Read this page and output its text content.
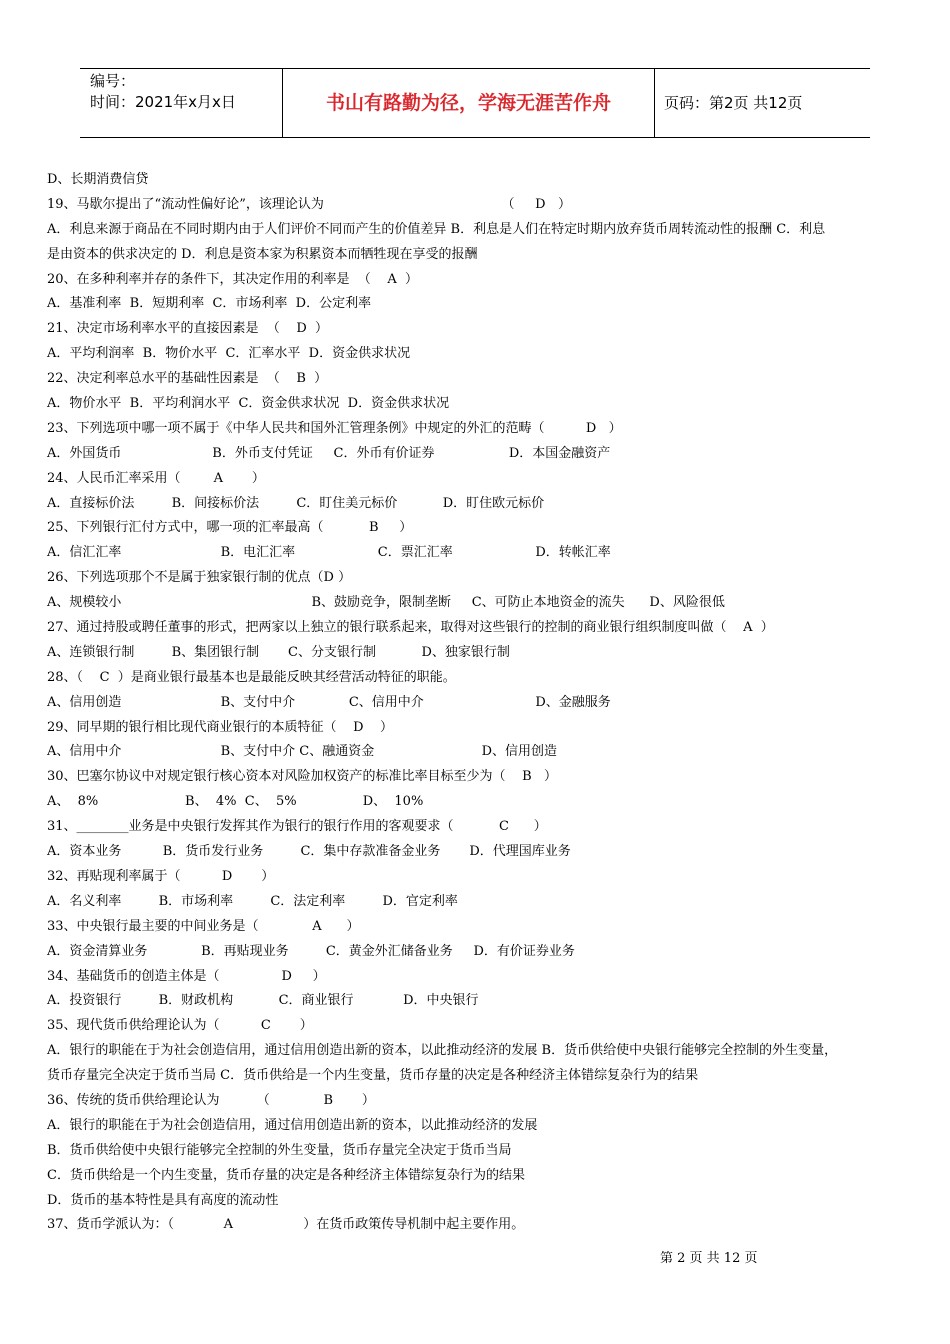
编号：
时间：2021年x月x日	书山有路勤为径，学海无涯苦作舟	页码：第2页 共12页
D、长期消费信贷
19、马歇尔提出了“流动性偏好论”，该理论认为                                           （     D   ）
A．利息来源于商品在不同时期内由于人们评价不同而产生的价值差异 B．利息是人们在特定时期内放弃货币周转流动性的报酬 C．利息
是由资本的供求决定的 D．利息是资本家为积累资本而牺牲现在享受的报酬
20、在多种利率并存的条件下，其决定作用的利率是  （    A  ）
A．基准利率  B．短期利率  C．市场利率  D．公定利率
21、决定市场利率水平的直接因素是  （    D  ）
A．平均利润率  B．物价水平  C．汇率水平  D．资金供求状况
22、决定利率总水平的基础性因素是  （    B  ）
A．物价水平  B．平均利润水平  C．资金供求状况  D．资金供求状况
23、下列选项中哪一项不属于《中华人民共和国外汇管理条例》中规定的外汇的范畴（          D   ）
A．外国货币                      B．外币支付凭证     C．外币有价证券                  D．本国金融资产
24、人民币汇率采用（        A       ）
A．直接标价法         B．间接标价法         C．盯住美元标价           D．盯住欧元标价
25、下列银行汇付方式中，哪一项的汇率最高（           B     ）
A．信汇汇率                        B．电汇汇率                    C．票汇汇率                    D．转帐汇率
26、下列选项那个不是属于独家银行制的优点（D ）
A、规模较小                                              B、鼓励竞争，限制垄断     C、可防止本地资金的流失      D、风险很低
27、通过持股或聘任董事的形式，把两家以上独立的银行联系起来，取得对这些银行的控制的商业银行组织制度叫做（    A  ）
A、连锁银行制         B、集团银行制       C、分支银行制           D、独家银行制
28、（    C  ）是商业银行最基本也是最能反映其经营活动特征的职能。
A、信用创造                        B、支付中介             C、信用中介                           D、金融服务
29、同早期的银行相比现代商业银行的本质特征（    D    ）
A、信用中介                        B、支付中介 C、融通资金                          D、信用创造
30、巴塞尔协议中对规定银行核心资本对风险加权资产的标准比率目标至少为（    B   ）
A、  8%                     B、  4%  C、  5%                D、  10%
31、________业务是中央银行发挥其作为银行的银行作用的客观要求（           C      ）
A．资本业务          B．货币发行业务         C．集中存款准备金业务       D．代理国库业务
32、再贴现利率属于（          D       ）
A．名义利率         B．市场利率         C．法定利率         D．官定利率
33、中央银行最主要的中间业务是（             A      ）
A．资金清算业务             B．再贴现业务         C．黄金外汇储备业务     D．有价证券业务
34、基础货币的创造主体是（               D     ）
A．投资银行         B．财政机构           C．商业银行            D．中央银行
35、现代货币供给理论认为（          C       ）
A．银行的职能在于为社会创造信用，通过信用创造出新的资本，以此推动经济的发展 B．货币供给使中央银行能够完全控制的外生变量，
货币存量完全决定于货币当局 C．货币供给是一个内生变量，货币存量的决定是各种经济主体错综复杂行为的结果
36、传统的货币供给理论认为         （             B       ）
A．银行的职能在于为社会创造信用，通过信用创造出新的资本，以此推动经济的发展
B．货币供给使中央银行能够完全控制的外生变量，货币存量完全决定于货币当局
C．货币供给是一个内生变量，货币存量的决定是各种经济主体错综复杂行为的结果
D．货币的基本特性是具有高度的流动性
37、货币学派认为：（            A                 ）在货币政策传导机制中起主要作用。
第 2 页 共 12 页
